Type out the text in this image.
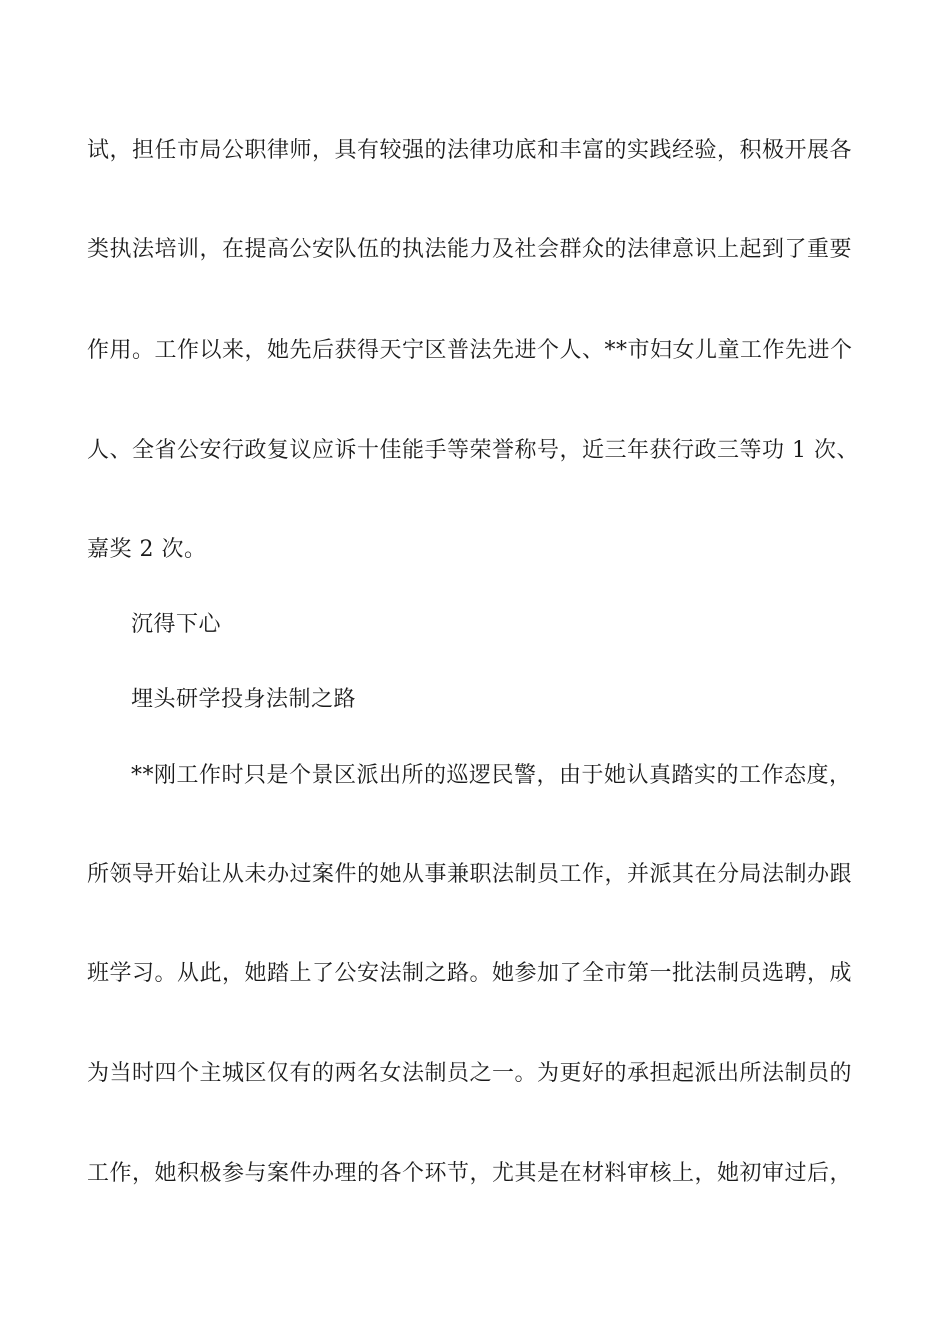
试，担任市局公职律师，具有较强的法律功底和丰富的实践经验，积极开展各
类执法培训，在提高公安队伍的执法能力及社会群众的法律意识上起到了重要
作用。工作以来，她先后获得天宁区普法先进个人、**市妇女儿童工作先进个
人、全省公安行政复议应诉十佳能手等荣誉称号，近三年获行政三等功 1 次、
嘉奖 2 次。
沉得下心
埋头研学投身法制之路
**刚工作时只是个景区派出所的巡逻民警，由于她认真踏实的工作态度，
所领导开始让从未办过案件的她从事兼职法制员工作，并派其在分局法制办跟
班学习。从此，她踏上了公安法制之路。她参加了全市第一批法制员选聘，成
为当时四个主城区仅有的两名女法制员之一。为更好的承担起派出所法制员的
工作，她积极参与案件办理的各个环节，尤其是在材料审核上，她初审过后，
